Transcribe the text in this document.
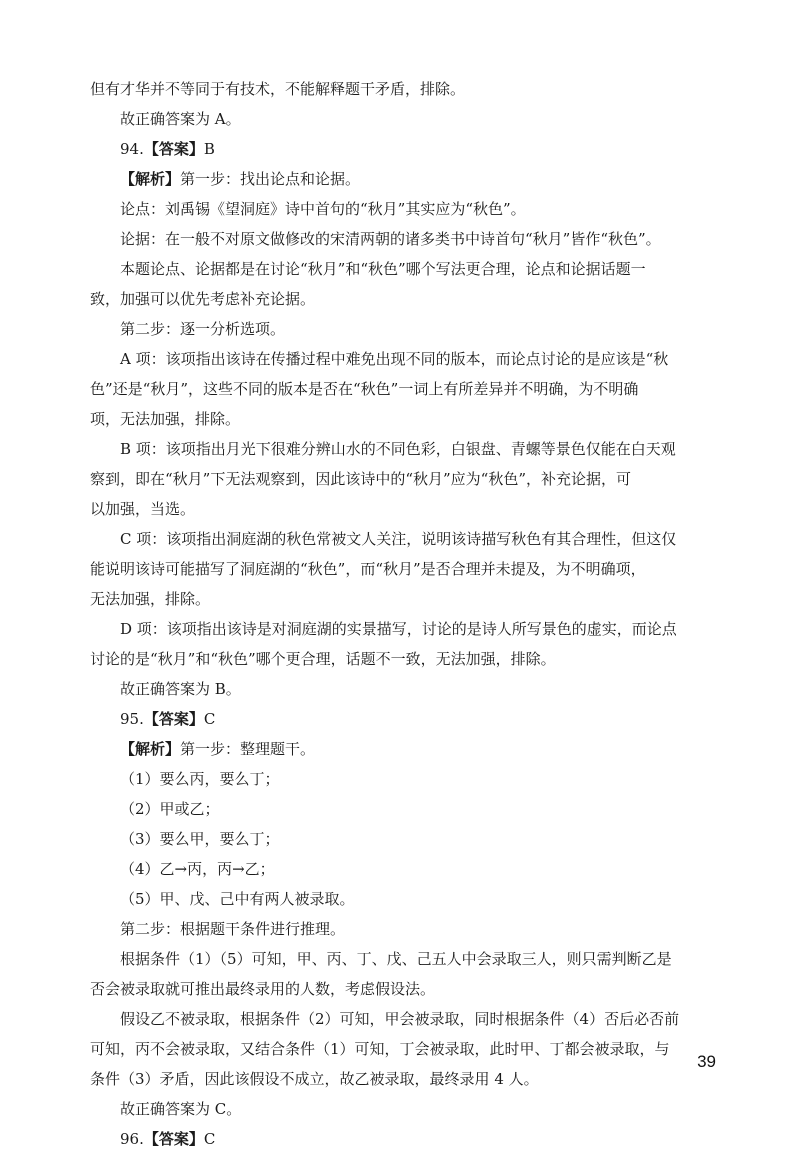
但有才华并不等同于有技术，不能解释题干矛盾，排除。

故正确答案为 A。

94.【答案】B

【解析】第一步：找出论点和论据。

论点：刘禹锡《望洞庭》诗中首句的“秋月”其实应为“秋色”。

论据：在一般不对原文做修改的宋清两朝的诸多类书中诗首句“秋月”皆作“秋色”。

本题论点、论据都是在讨论“秋月”和“秋色”哪个写法更合理，论点和论据话题一

致，加强可以优先考虑补充论据。

第二步：逐一分析选项。

A 项：该项指出该诗在传播过程中难免出现不同的版本，而论点讨论的是应该是“秋

色”还是“秋月”，这些不同的版本是否在“秋色”一词上有所差异并不明确，为不明确

项，无法加强，排除。

B 项：该项指出月光下很难分辨山水的不同色彩，白银盘、青螺等景色仅能在白天观

察到，即在“秋月”下无法观察到，因此该诗中的“秋月”应为“秋色”，补充论据，可

以加强，当选。

C 项：该项指出洞庭湖的秋色常被文人关注，说明该诗描写秋色有其合理性，但这仅

能说明该诗可能描写了洞庭湖的“秋色”，而“秋月”是否合理并未提及，为不明确项，

无法加强，排除。

D 项：该项指出该诗是对洞庭湖的实景描写，讨论的是诗人所写景色的虚实，而论点

讨论的是“秋月”和“秋色”哪个更合理，话题不一致，无法加强，排除。

故正确答案为 B。

95.【答案】C

【解析】第一步：整理题干。

（1）要么丙，要么丁；

（2）甲或乙；

（3）要么甲，要么丁；

（4）乙→丙，丙→乙；

（5）甲、戊、己中有两人被录取。

第二步：根据题干条件进行推理。

根据条件（1）（5）可知，甲、丙、丁、戊、己五人中会录取三人，则只需判断乙是

否会被录取就可推出最终录用的人数，考虑假设法。

假设乙不被录取，根据条件（2）可知，甲会被录取，同时根据条件（4）否后必否前

可知，丙不会被录取，又结合条件（1）可知，丁会被录取，此时甲、丁都会被录取，与

条件（3）矛盾，因此该假设不成立，故乙被录取，最终录用 4 人。

故正确答案为 C。

96.【答案】C

39
